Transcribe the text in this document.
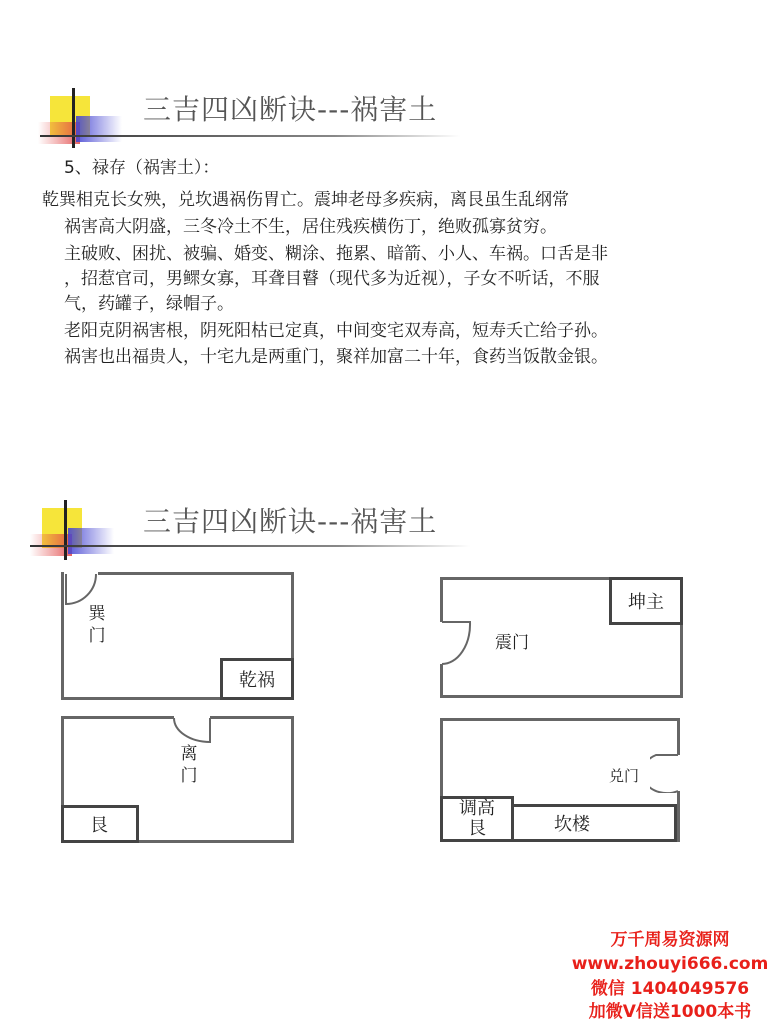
三吉四凶断诀---祸害土
5、禄存（祸害土）：
乾巽相克长女殃，兑坎遇祸伤胃亡。震坤老母多疾病，离艮虽生乱纲常
祸害高大阴盛，三冬冷土不生，居住残疾横伤丁，绝败孤寡贫穷。
主破败、困扰、被骗、婚变、糊涂、拖累、暗箭、小人、车祸。口舌是非
，招惹官司，男鳏女寡，耳聋目瞽（现代多为近视），子女不听话，不服
气，药罐子，绿帽子。
老阳克阴祸害根，阴死阳枯已定真，中间变宅双寿高，短寿夭亡给子孙。
祸害也出福贵人，十宅九是两重门，聚祥加富二十年，食药当饭散金银。
三吉四凶断诀---祸害土
巽门
乾祸
震门
坤主
离门
艮
兑门
调高艮	坎楼
万千周易资源网
www.zhouyi666.com
微信 1404049576
加微V信送1000本书
